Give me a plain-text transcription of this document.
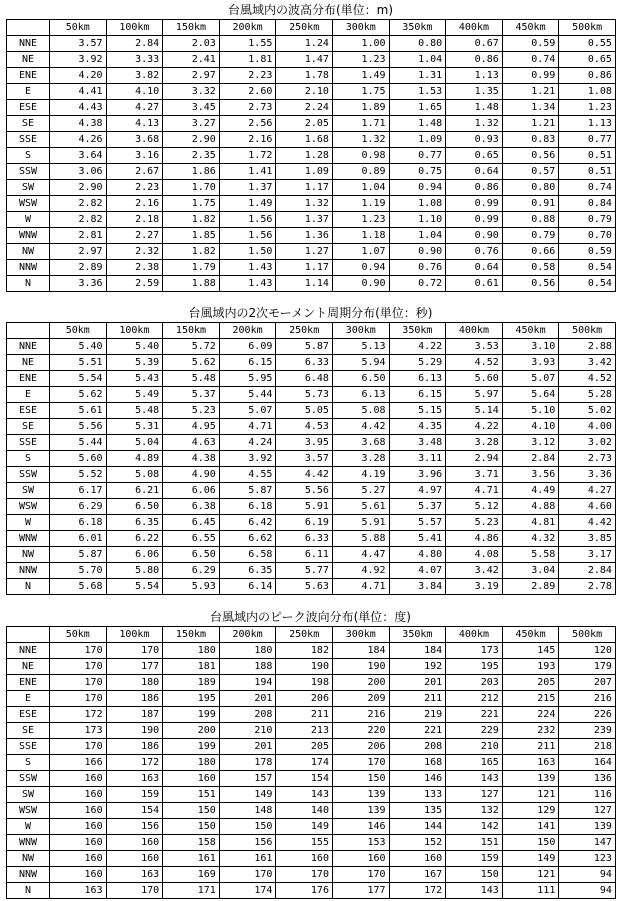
台風域内の波高分布(単位：m)
	50km	100km	150km	200km	250km	300km	350km	400km	450km	500km
NNE	3.57	2.84	2.03	1.55	1.24	1.00	0.80	0.67	0.59	0.55
NE	3.92	3.33	2.41	1.81	1.47	1.23	1.04	0.86	0.74	0.65
ENE	4.20	3.82	2.97	2.23	1.78	1.49	1.31	1.13	0.99	0.86
E	4.41	4.10	3.32	2.60	2.10	1.75	1.53	1.35	1.21	1.08
ESE	4.43	4.27	3.45	2.73	2.24	1.89	1.65	1.48	1.34	1.23
SE	4.38	4.13	3.27	2.56	2.05	1.71	1.48	1.32	1.21	1.13
SSE	4.26	3.68	2.90	2.16	1.68	1.32	1.09	0.93	0.83	0.77
S	3.64	3.16	2.35	1.72	1.28	0.98	0.77	0.65	0.56	0.51
SSW	3.06	2.67	1.86	1.41	1.09	0.89	0.75	0.64	0.57	0.51
SW	2.90	2.23	1.70	1.37	1.17	1.04	0.94	0.86	0.80	0.74
WSW	2.82	2.16	1.75	1.49	1.32	1.19	1.08	0.99	0.91	0.84
W	2.82	2.18	1.82	1.56	1.37	1.23	1.10	0.99	0.88	0.79
WNW	2.81	2.27	1.85	1.56	1.36	1.18	1.04	0.90	0.79	0.70
NW	2.97	2.32	1.82	1.50	1.27	1.07	0.90	0.76	0.66	0.59
NNW	2.89	2.38	1.79	1.43	1.17	0.94	0.76	0.64	0.58	0.54
N	3.36	2.59	1.88	1.43	1.14	0.90	0.72	0.61	0.56	0.54
台風域内の2次モーメント周期分布(単位：秒)
	50km	100km	150km	200km	250km	300km	350km	400km	450km	500km
NNE	5.40	5.40	5.72	6.09	5.87	5.13	4.22	3.53	3.10	2.88
NE	5.51	5.39	5.62	6.15	6.33	5.94	5.29	4.52	3.93	3.42
ENE	5.54	5.43	5.48	5.95	6.48	6.50	6.13	5.60	5.07	4.52
E	5.62	5.49	5.37	5.44	5.73	6.13	6.15	5.97	5.64	5.28
ESE	5.61	5.48	5.23	5.07	5.05	5.08	5.15	5.14	5.10	5.02
SE	5.56	5.31	4.95	4.71	4.53	4.42	4.35	4.22	4.10	4.00
SSE	5.44	5.04	4.63	4.24	3.95	3.68	3.48	3.28	3.12	3.02
S	5.60	4.89	4.38	3.92	3.57	3.28	3.11	2.94	2.84	2.73
SSW	5.52	5.08	4.90	4.55	4.42	4.19	3.96	3.71	3.56	3.36
SW	6.17	6.21	6.06	5.87	5.56	5.27	4.97	4.71	4.49	4.27
WSW	6.29	6.50	6.38	6.18	5.91	5.61	5.37	5.12	4.88	4.60
W	6.18	6.35	6.45	6.42	6.19	5.91	5.57	5.23	4.81	4.42
WNW	6.01	6.22	6.55	6.62	6.33	5.88	5.41	4.86	4.32	3.85
NW	5.87	6.06	6.50	6.58	6.11	4.47	4.80	4.08	5.58	3.17
NNW	5.70	5.80	6.29	6.35	5.77	4.92	4.07	3.42	3.04	2.84
N	5.68	5.54	5.93	6.14	5.63	4.71	3.84	3.19	2.89	2.78
台風域内のピーク波向分布(単位：度)
	50km	100km	150km	200km	250km	300km	350km	400km	450km	500km
NNE	170	170	180	180	182	184	184	173	145	120
NE	170	177	181	188	190	190	192	195	193	179
ENE	170	180	189	194	198	200	201	203	205	207
E	170	186	195	201	206	209	211	212	215	216
ESE	172	187	199	208	211	216	219	221	224	226
SE	173	190	200	210	213	220	221	229	232	239
SSE	170	186	199	201	205	206	208	210	211	218
S	166	172	180	178	174	170	168	165	163	164
SSW	160	163	160	157	154	150	146	143	139	136
SW	160	159	151	149	143	139	133	127	121	116
WSW	160	154	150	148	140	139	135	132	129	127
W	160	156	150	150	149	146	144	142	141	139
WNW	160	160	158	156	155	153	152	151	150	147
NW	160	160	161	161	160	160	160	159	149	123
NNW	160	163	169	170	170	170	167	150	121	94
N	163	170	171	174	176	177	172	143	111	94
